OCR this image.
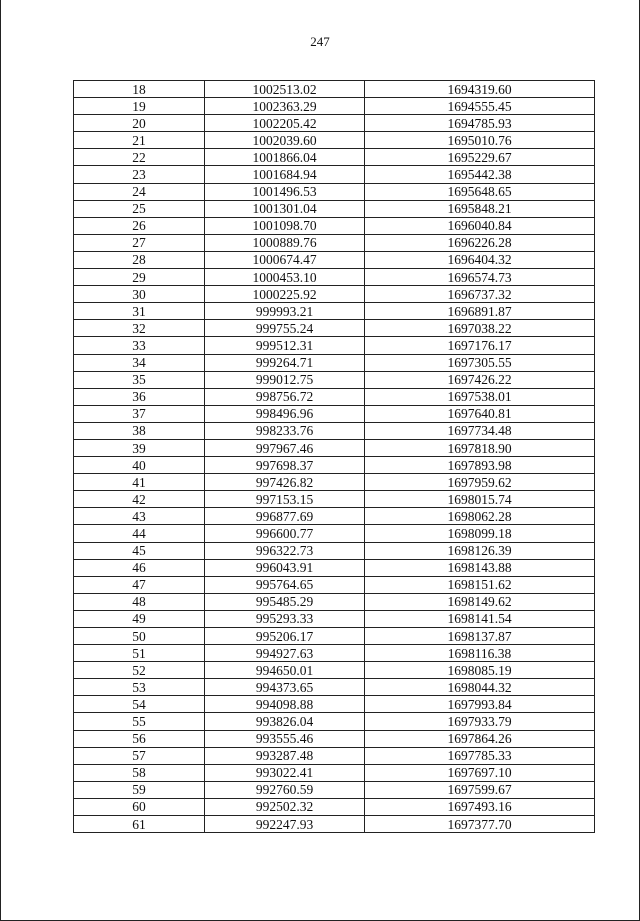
247
18	1002513.02	1694319.60
19	1002363.29	1694555.45
20	1002205.42	1694785.93
21	1002039.60	1695010.76
22	1001866.04	1695229.67
23	1001684.94	1695442.38
24	1001496.53	1695648.65
25	1001301.04	1695848.21
26	1001098.70	1696040.84
27	1000889.76	1696226.28
28	1000674.47	1696404.32
29	1000453.10	1696574.73
30	1000225.92	1696737.32
31	999993.21	1696891.87
32	999755.24	1697038.22
33	999512.31	1697176.17
34	999264.71	1697305.55
35	999012.75	1697426.22
36	998756.72	1697538.01
37	998496.96	1697640.81
38	998233.76	1697734.48
39	997967.46	1697818.90
40	997698.37	1697893.98
41	997426.82	1697959.62
42	997153.15	1698015.74
43	996877.69	1698062.28
44	996600.77	1698099.18
45	996322.73	1698126.39
46	996043.91	1698143.88
47	995764.65	1698151.62
48	995485.29	1698149.62
49	995293.33	1698141.54
50	995206.17	1698137.87
51	994927.63	1698116.38
52	994650.01	1698085.19
53	994373.65	1698044.32
54	994098.88	1697993.84
55	993826.04	1697933.79
56	993555.46	1697864.26
57	993287.48	1697785.33
58	993022.41	1697697.10
59	992760.59	1697599.67
60	992502.32	1697493.16
61	992247.93	1697377.70
